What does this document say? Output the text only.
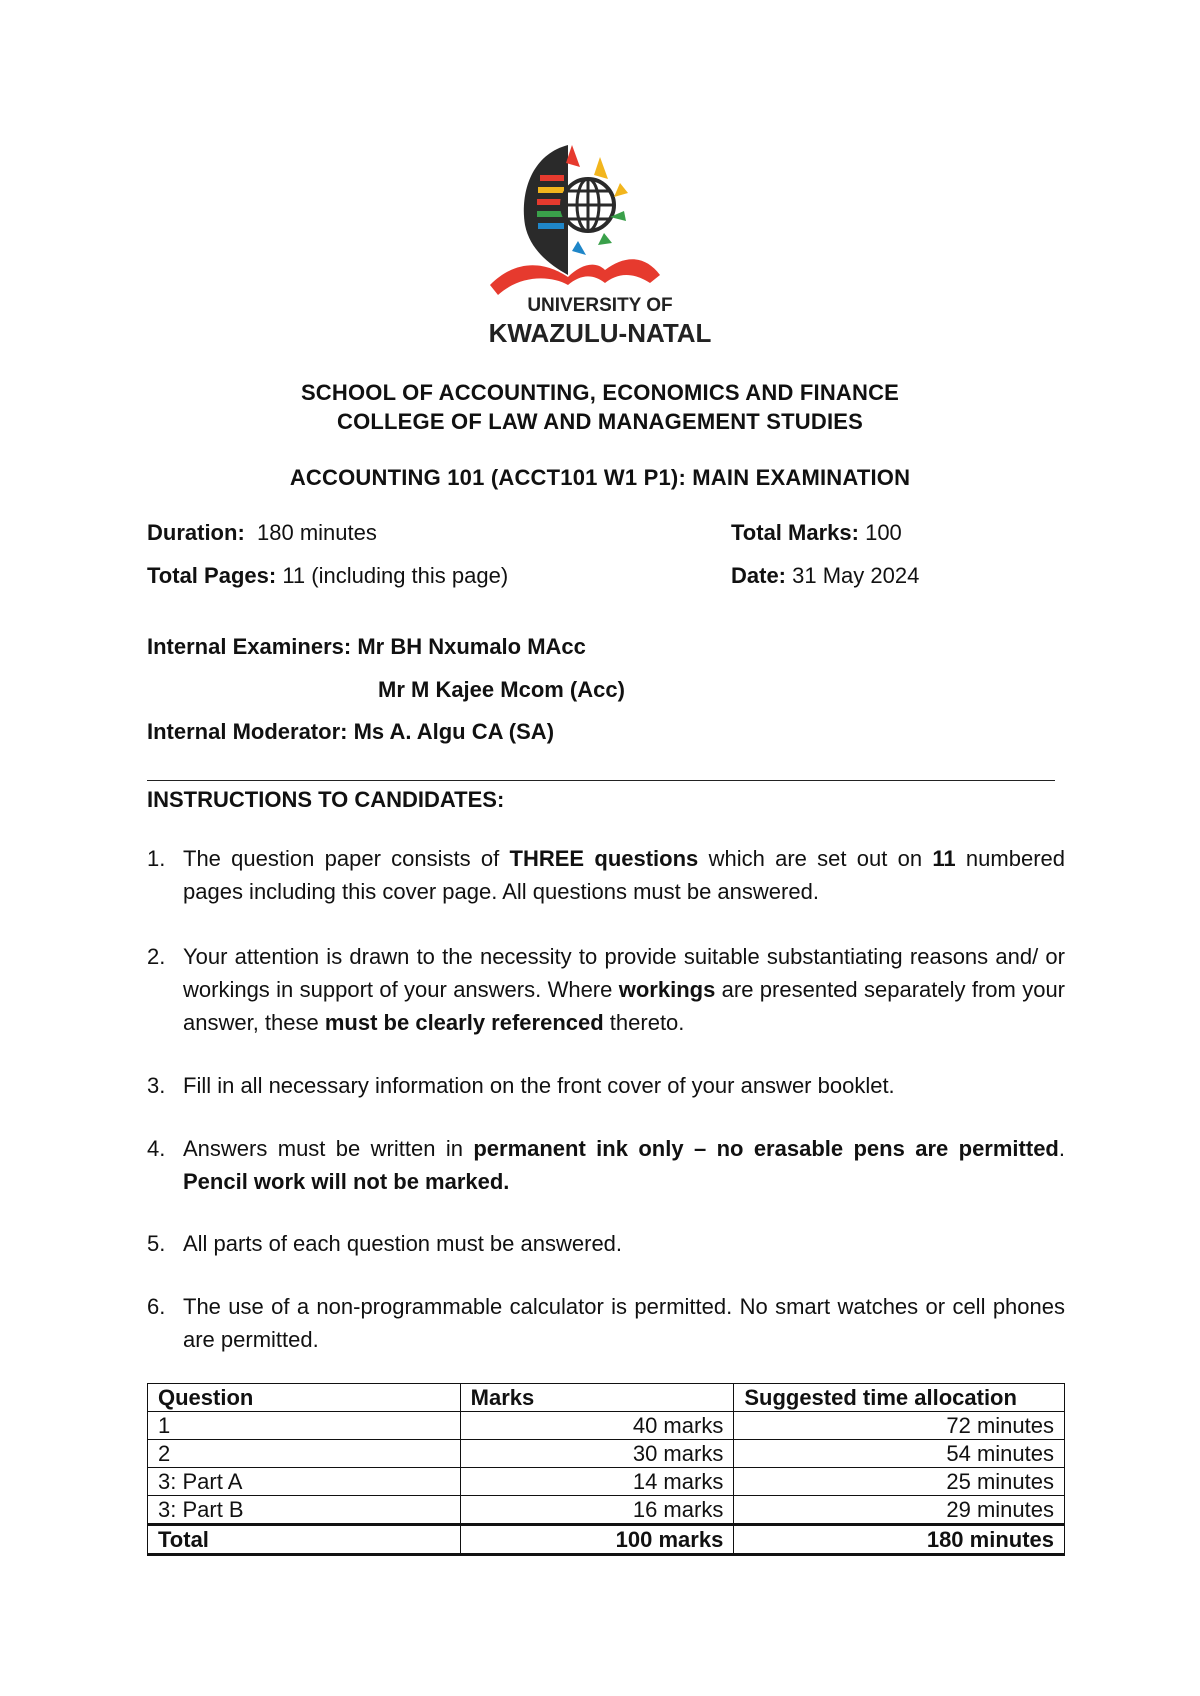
UNIVERSITY OF
KWAZULU-NATAL
SCHOOL OF ACCOUNTING, ECONOMICS AND FINANCE
COLLEGE OF LAW AND MANAGEMENT STUDIES
ACCOUNTING 101 (ACCT101 W1 P1): MAIN EXAMINATION
Duration: 180 minutes	Total Marks: 100
Total Pages: 11 (including this page)	Date: 31 May 2024
Internal Examiners: Mr BH Nxumalo MAcc
Mr M Kajee Mcom (Acc)
Internal Moderator: Ms A. Algu CA (SA)
INSTRUCTIONS TO CANDIDATES:

1. The question paper consists of THREE questions which are set out on 11 numbered pages including this cover page. All questions must be answered.

2. Your attention is drawn to the necessity to provide suitable substantiating reasons and/ or workings in support of your answers. Where workings are presented separately from your answer, these must be clearly referenced thereto.

3. Fill in all necessary information on the front cover of your answer booklet.

4. Answers must be written in permanent ink only – no erasable pens are permitted. Pencil work will not be marked.

5. All parts of each question must be answered.

6. The use of a non-programmable calculator is permitted. No smart watches or cell phones are permitted.

Question	Marks	Suggested time allocation
1	40 marks	72 minutes
2	30 marks	54 minutes
3: Part A	14 marks	25 minutes
3: Part B	16 marks	29 minutes
Total	100 marks	180 minutes
